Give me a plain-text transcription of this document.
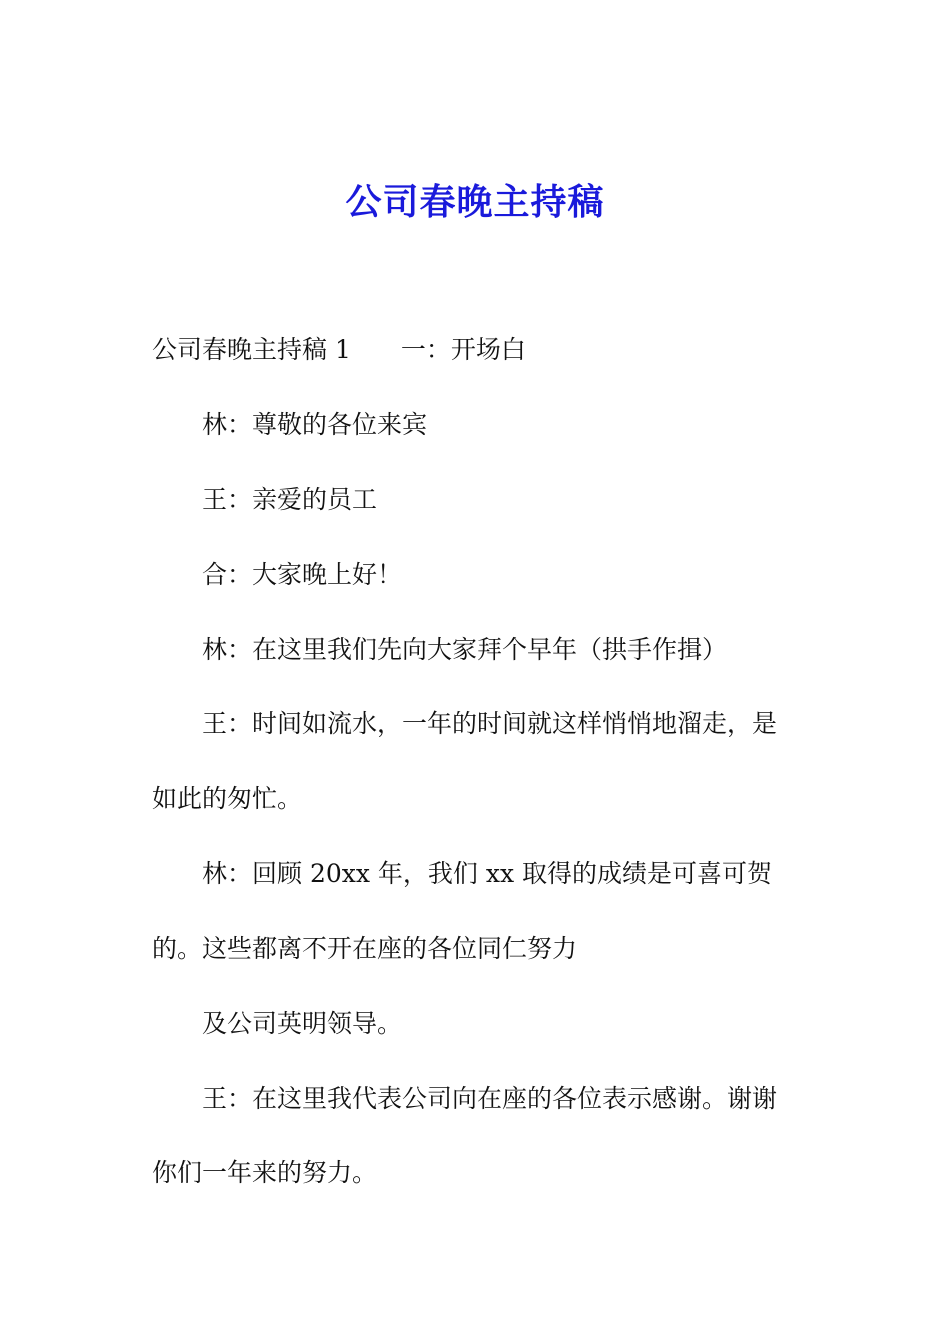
公司春晚主持稿

公司春晚主持稿 1 一：开场白

林：尊敬的各位来宾

王：亲爱的员工

合：大家晚上好！

林：在这里我们先向大家拜个早年（拱手作揖）

王：时间如流水，一年的时间就这样悄悄地溜走，是

如此的匆忙。

林：回顾 20xx 年，我们 xx 取得的成绩是可喜可贺

的。这些都离不开在座的各位同仁努力

及公司英明领导。

王：在这里我代表公司向在座的各位表示感谢。谢谢

你们一年来的努力。
